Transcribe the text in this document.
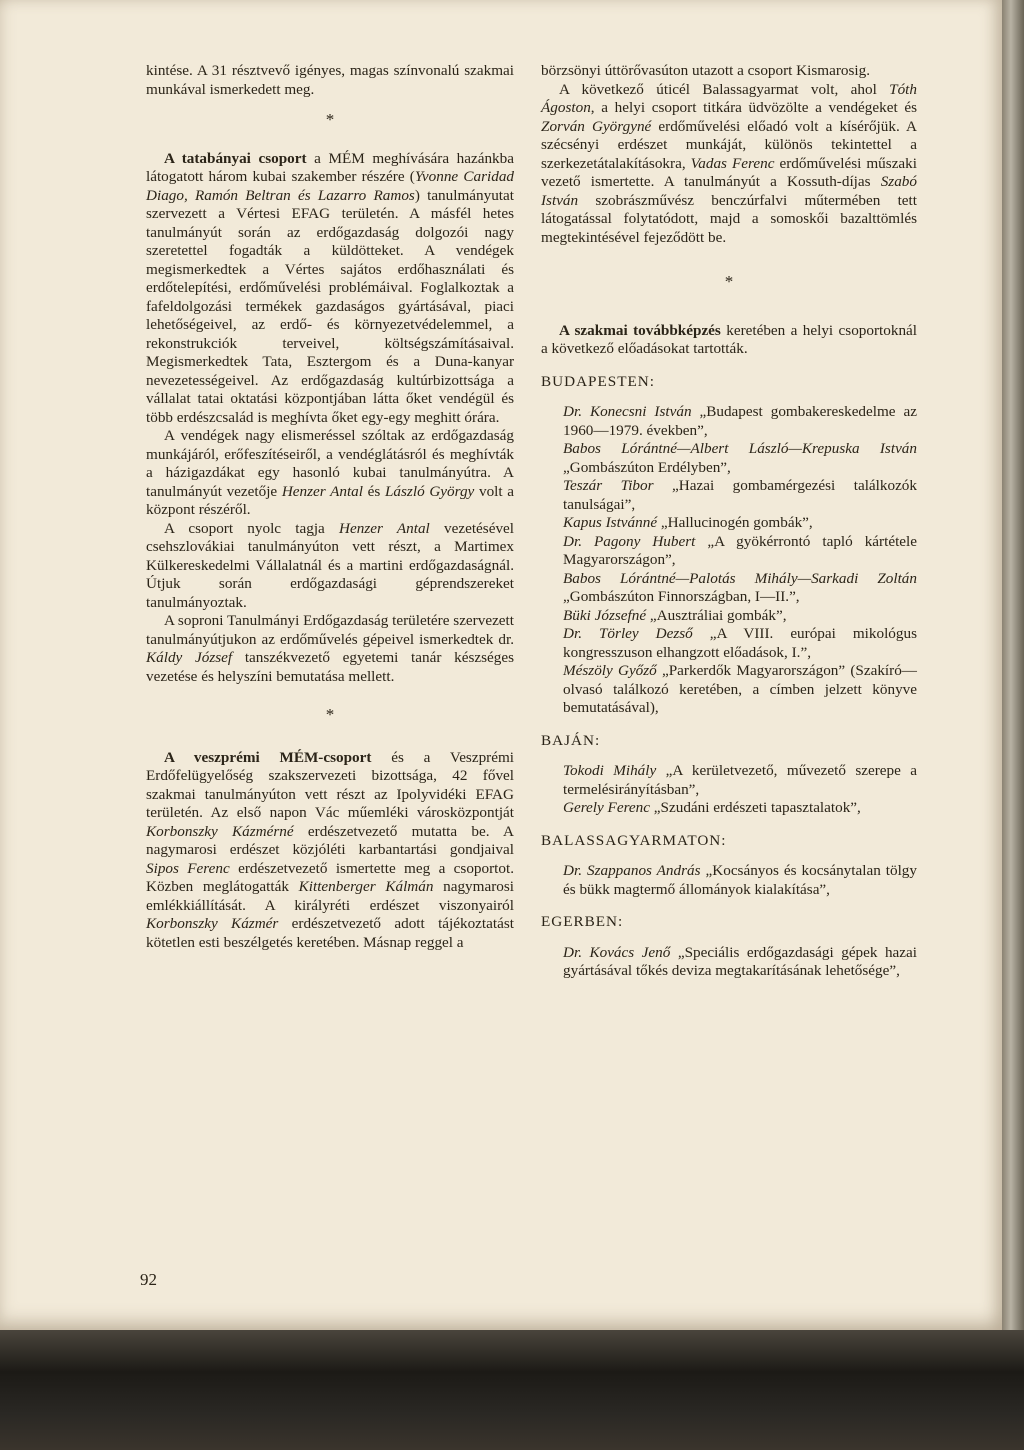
kintése. A 31 résztvevő igényes, magas színvonalú szakmai munkával ismerkedett meg.

*

A tatabányai csoport a MÉM meghívására hazánkba látogatott három kubai szakember részére (Yvonne Caridad Diago, Ramón Beltran és Lazarro Ramos) tanulmányutat szervezett a Vértesi EFAG területén. A másfél hetes tanulmányút során az erdőgazdaság dolgozói nagy szeretettel fogadták a küldötteket. A vendégek megismerkedtek a Vértes sajátos erdőhasználati és erdőtelepítési, erdőművelési problémáival. Foglalkoztak a fafeldolgozási termékek gazdaságos gyártásával, piaci lehetőségeivel, az erdő- és környezetvédelemmel, a rekonstrukciók terveivel, költségszámításaival. Megismerkedtek Tata, Esztergom és a Duna-kanyar nevezetességeivel. Az erdőgazdaság kultúrbizottsága a vállalat tatai oktatási központjában látta őket vendégül és több erdészcsalád is meghívta őket egy-egy meghitt órára.

A vendégek nagy elismeréssel szóltak az erdőgazdaság munkájáról, erőfeszítéseiről, a vendéglátásról és meghívták a házigazdákat egy hasonló kubai tanulmányútra. A tanulmányút vezetője Henzer Antal és László György volt a központ részéről.

A csoport nyolc tagja Henzer Antal vezetésével csehszlovákiai tanulmányúton vett részt, a Martimex Külkereskedelmi Vállalatnál és a martini erdőgazdaságnál. Útjuk során erdőgazdasági géprendszereket tanulmányoztak.

A soproni Tanulmányi Erdőgazdaság területére szervezett tanulmányútjukon az erdőművelés gépeivel ismerkedtek dr. Káldy József tanszékvezető egyetemi tanár készséges vezetése és helyszíni bemutatása mellett.

*

A veszprémi MÉM-csoport és a Veszprémi Erdőfelügyelőség szakszervezeti bizottsága, 42 fővel szakmai tanulmányúton vett részt az Ipolyvidéki EFAG területén. Az első napon Vác műemléki városközpontját Korbonszky Kázmérné erdészetvezető mutatta be. A nagymarosi erdészet közjóléti karbantartási gondjaival Sipos Ferenc erdészetvezető ismertette meg a csoportot. Közben meglátogatták Kittenberger Kálmán nagymarosi emlékkiállítását. A királyréti erdészet viszonyairól Korbonszky Kázmér erdészetvezető adott tájékoztatást kötetlen esti beszélgetés keretében. Másnap reggel a

börzsönyi úttörővasúton utazott a csoport Kismarosig.

A következő úticél Balassagyarmat volt, ahol Tóth Ágoston, a helyi csoport titkára üdvözölte a vendégeket és Zorván Györgyné erdőművelési előadó volt a kísérőjük. A szécsényi erdészet munkáját, különös tekintettel a szerkezetátalakításokra, Vadas Ferenc erdőművelési műszaki vezető ismertette. A tanulmányút a Kossuth-díjas Szabó István szobrászművész benczúrfalvi műtermében tett látogatással folytatódott, majd a somoskői bazalttömlés megtekintésével fejeződött be.

*

A szakmai továbbképzés keretében a helyi csoportoknál a következő előadásokat tartották.

BUDAPESTEN:

Dr. Konecsni István „Budapest gombakereskedelme az 1960—1979. években”,

Babos Lórántné—Albert László—Krepuska István „Gombászúton Erdélyben”,

Teszár Tibor „Hazai gombamérgezési találkozók tanulságai”,

Kapus Istvánné „Hallucinogén gombák”,

Dr. Pagony Hubert „A gyökérrontó tapló kártétele Magyarországon”,

Babos Lórántné—Palotás Mihály—Sarkadi Zoltán „Gombászúton Finnországban, I—II.”,

Büki Józsefné „Ausztráliai gombák”,

Dr. Törley Dezső „A VIII. európai mikológus kongresszuson elhangzott előadások, I.”,

Mészöly Győző „Parkerdők Magyarországon” (Szakíró—olvasó találkozó keretében, a címben jelzett könyve bemutatásával),

BAJÁN:

Tokodi Mihály „A kerületvezető, művezető szerepe a termelésirányításban”,

Gerely Ferenc „Szudáni erdészeti tapasztalatok”,

BALASSAGYARMATON:

Dr. Szappanos András „Kocsányos és kocsánytalan tölgy és bükk magtermő állományok kialakítása”,

EGERBEN:

Dr. Kovács Jenő „Speciális erdőgazdasági gépek hazai gyártásával tőkés deviza megtakarításának lehetősége”,

92
